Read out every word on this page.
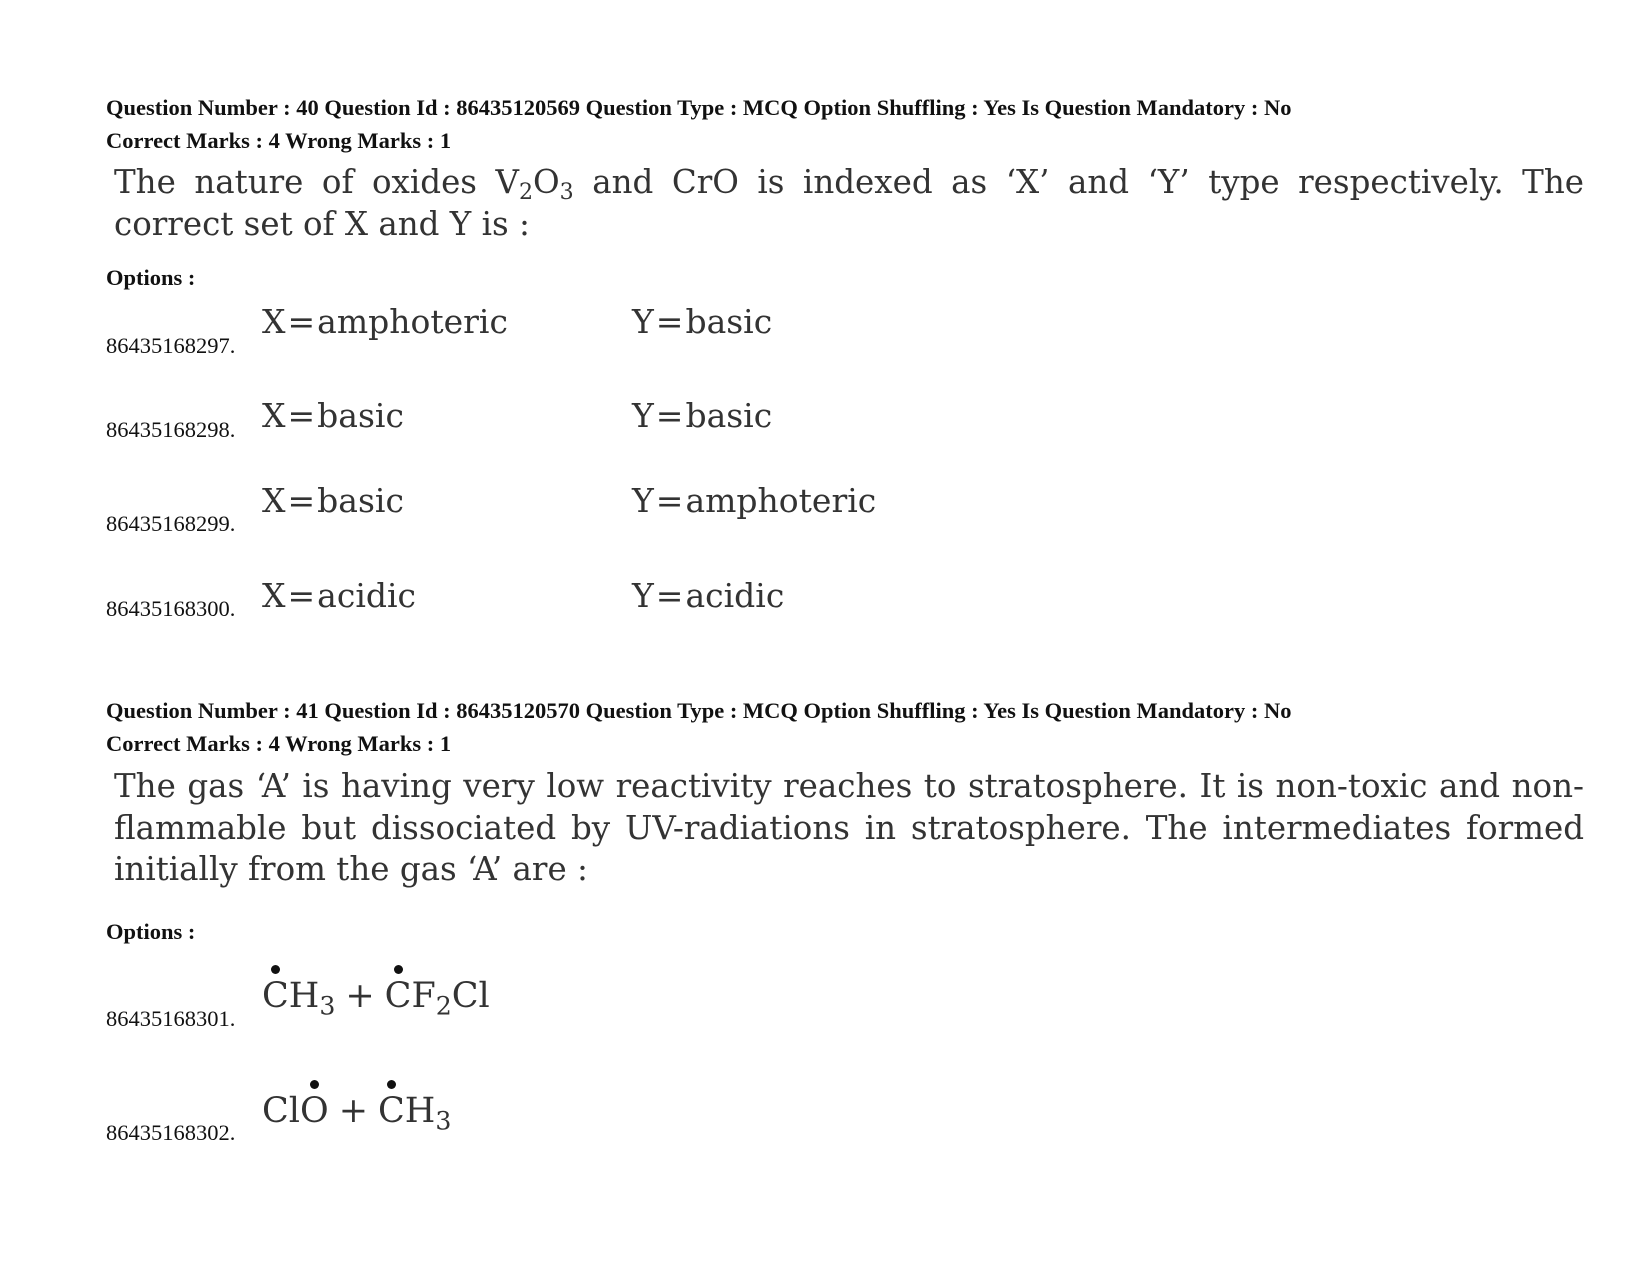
Question Number : 40 Question Id : 86435120569 Question Type : MCQ Option Shuffling : Yes Is Question Mandatory : No
Correct Marks : 4 Wrong Marks : 1
The nature of oxides $V_2O_3$ and CrO is indexed as ‘X’ and ‘Y’ type respectively. The correct set of X and Y is :
Options :
86435168297.
X=amphoteric	Y=basic
86435168298. X=basic	Y=basic
86435168299.
X=basic	Y=amphoteric
86435168300. X=acidic	Y=acidic
Question Number : 41 Question Id : 86435120570 Question Type : MCQ Option Shuffling : Yes Is Question Mandatory : No
Correct Marks : 4 Wrong Marks : 1
The gas ‘A’ is having very low reactivity reaches to stratosphere. It is non-toxic and non-flammable but dissociated by UV-radiations in stratosphere. The intermediates formed initially from the gas ‘A’ are :
Options :
86435168301.
$CH_3 + CF_2Cl$
86435168302.
Cl
$O + CH_3$
